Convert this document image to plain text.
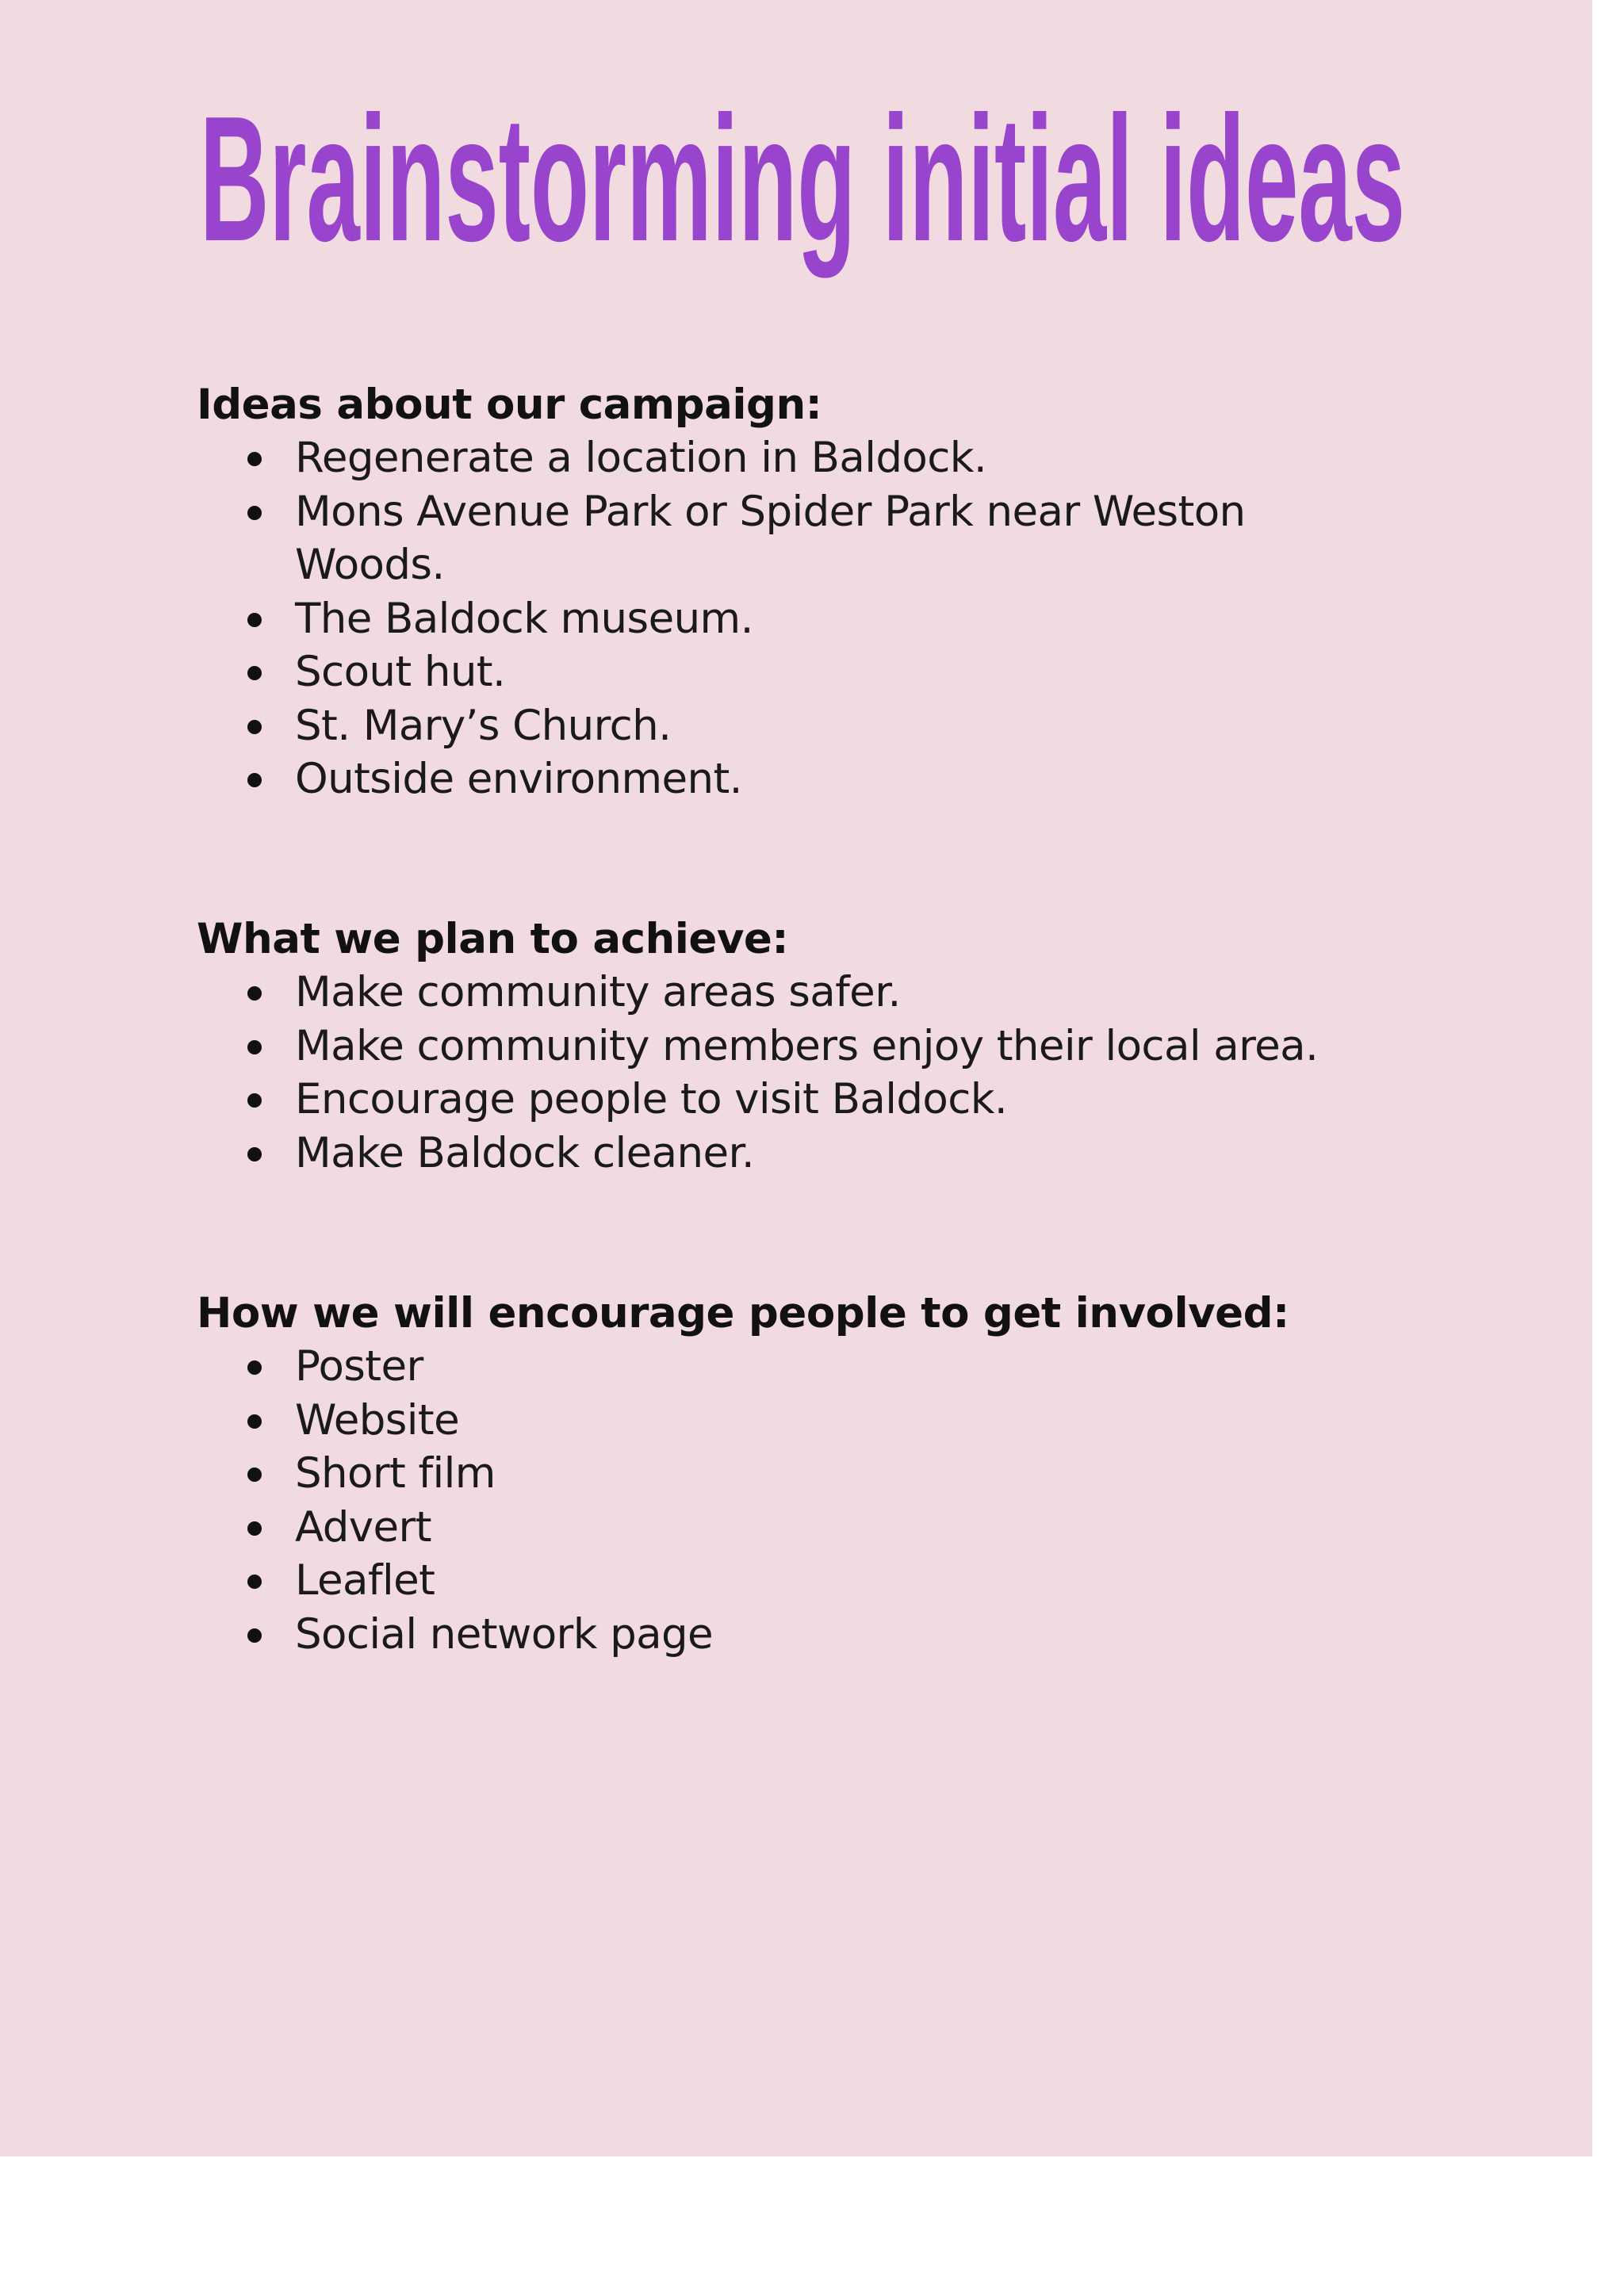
Brainstorming initial ideas
Ideas about our campaign:
Regenerate a location in Baldock.
Mons Avenue Park or Spider Park near Weston
Woods.
The Baldock museum.
Scout hut.
St. Mary’s Church.
Outside environment.
What we plan to achieve:
Make community areas safer.
Make community members enjoy their local area.
Encourage people to visit Baldock.
Make Baldock cleaner.
How we will encourage people to get involved:
Poster
Website
Short film
Advert
Leaflet
Social network page
